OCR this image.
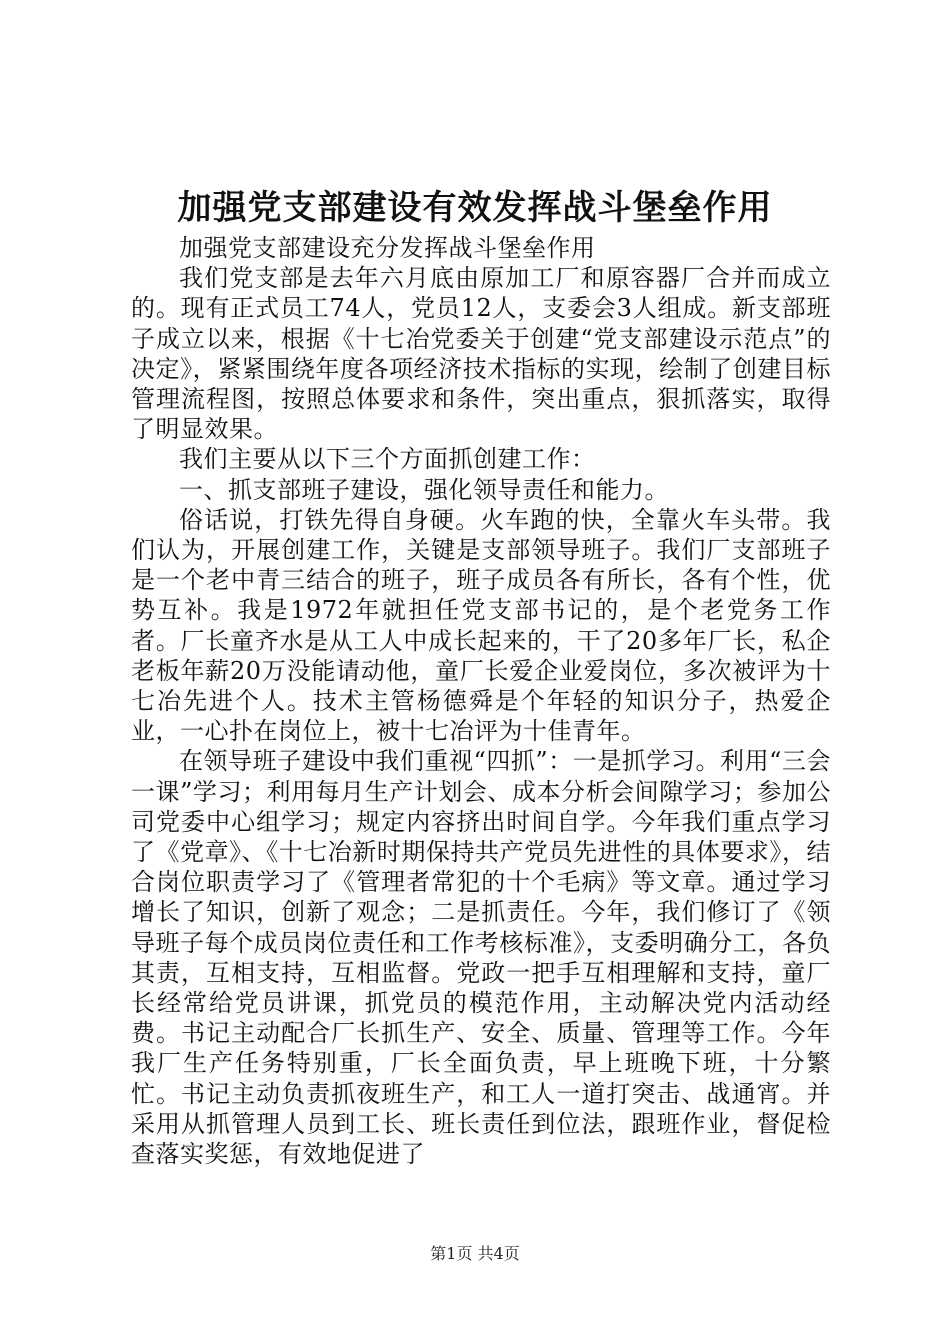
加强党支部建设有效发挥战斗堡垒作用

加强党支部建设充分发挥战斗堡垒作用

我们党支部是去年六月底由原加工厂和原容器厂合并而成立的。现有正式员工74人，党员12人，支委会3人组成。新支部班子成立以来，根据《十七冶党委关于创建“党支部建设示范点”的决定》，紧紧围绕年度各项经济技术指标的实现，绘制了创建目标管理流程图，按照总体要求和条件，突出重点，狠抓落实，取得了明显效果。

我们主要从以下三个方面抓创建工作：

一、抓支部班子建设，强化领导责任和能力。

俗话说，打铁先得自身硬。火车跑的快，全靠火车头带。我们认为，开展创建工作，关键是支部领导班子。我们厂支部班子是一个老中青三结合的班子，班子成员各有所长，各有个性，优势互补。我是1972年就担任党支部书记的，是个老党务工作者。厂长童齐水是从工人中成长起来的，干了20多年厂长，私企老板年薪20万没能请动他，童厂长爱企业爱岗位，多次被评为十七冶先进个人。技术主管杨德舜是个年轻的知识分子，热爱企业，一心扑在岗位上，被十七冶评为十佳青年。

在领导班子建设中我们重视“四抓”：一是抓学习。利用“三会一课”学习；利用每月生产计划会、成本分析会间隙学习；参加公司党委中心组学习；规定内容挤出时间自学。今年我们重点学习了《党章》、《十七冶新时期保持共产党员先进性的具体要求》，结合岗位职责学习了《管理者常犯的十个毛病》等文章。通过学习增长了知识，创新了观念；二是抓责任。今年，我们修订了《领导班子每个成员岗位责任和工作考核标准》，支委明确分工，各负其责，互相支持，互相监督。党政一把手互相理解和支持，童厂长经常给党员讲课，抓党员的模范作用，主动解决党内活动经费。书记主动配合厂长抓生产、安全、质量、管理等工作。今年我厂生产任务特别重，厂长全面负责，早上班晚下班，十分繁忙。书记主动负责抓夜班生产，和工人一道打突击、战通宵。并采用从抓管理人员到工长、班长责任到位法，跟班作业，督促检查落实奖惩，有效地促进了

第1页 共4页
